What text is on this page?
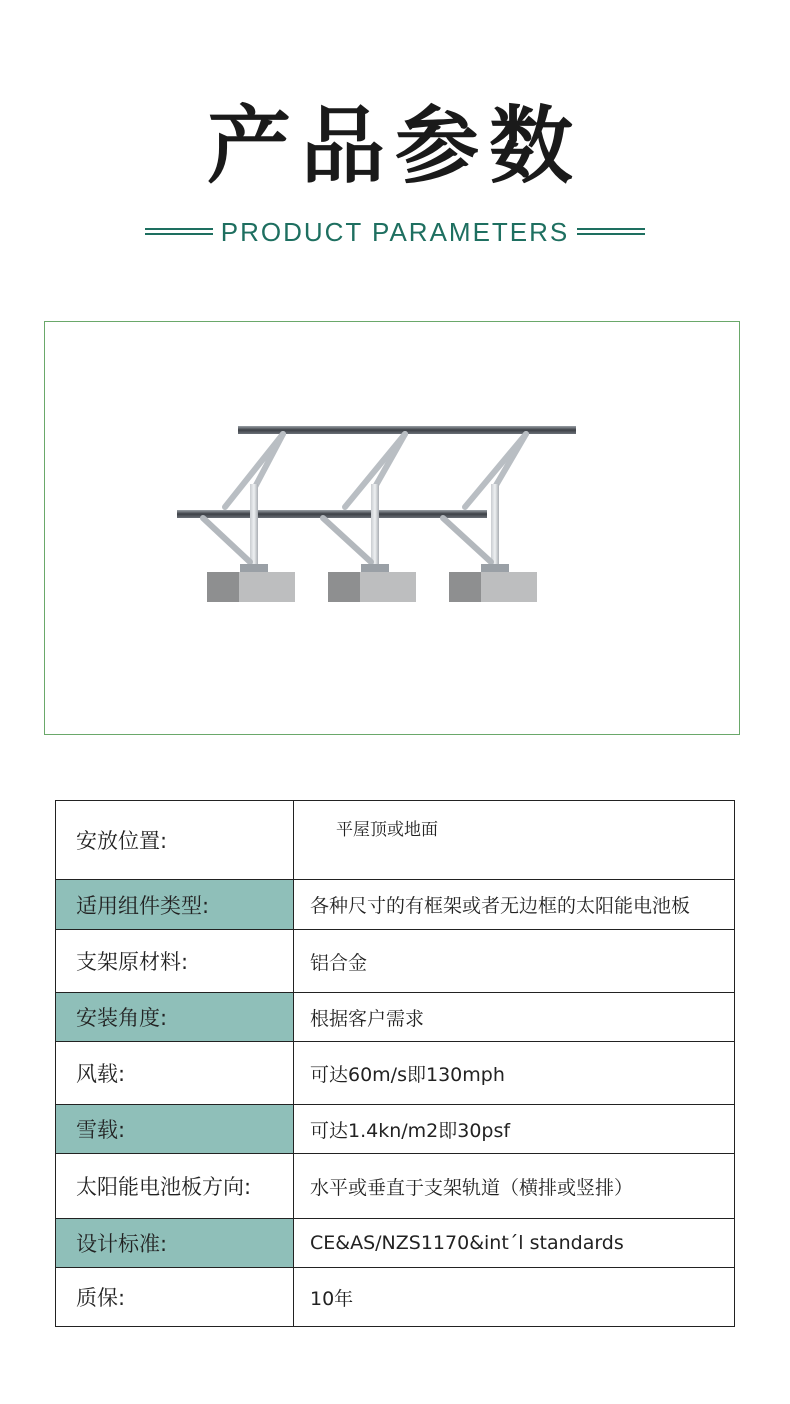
产品参数
PRODUCT PARAMETERS
安放位置:	平屋顶或地面
适用组件类型:	各种尺寸的有框架或者无边框的太阳能电池板
支架原材料:	铝合金
安装角度:	根据客户需求
风载:	可达60m/s即130mph
雪载:	可达1.4kn/m2即30psf
太阳能电池板方向:	水平或垂直于支架轨道（横排或竖排）
设计标准:	CE&AS/NZS1170&int´l standards
质保:	10年
